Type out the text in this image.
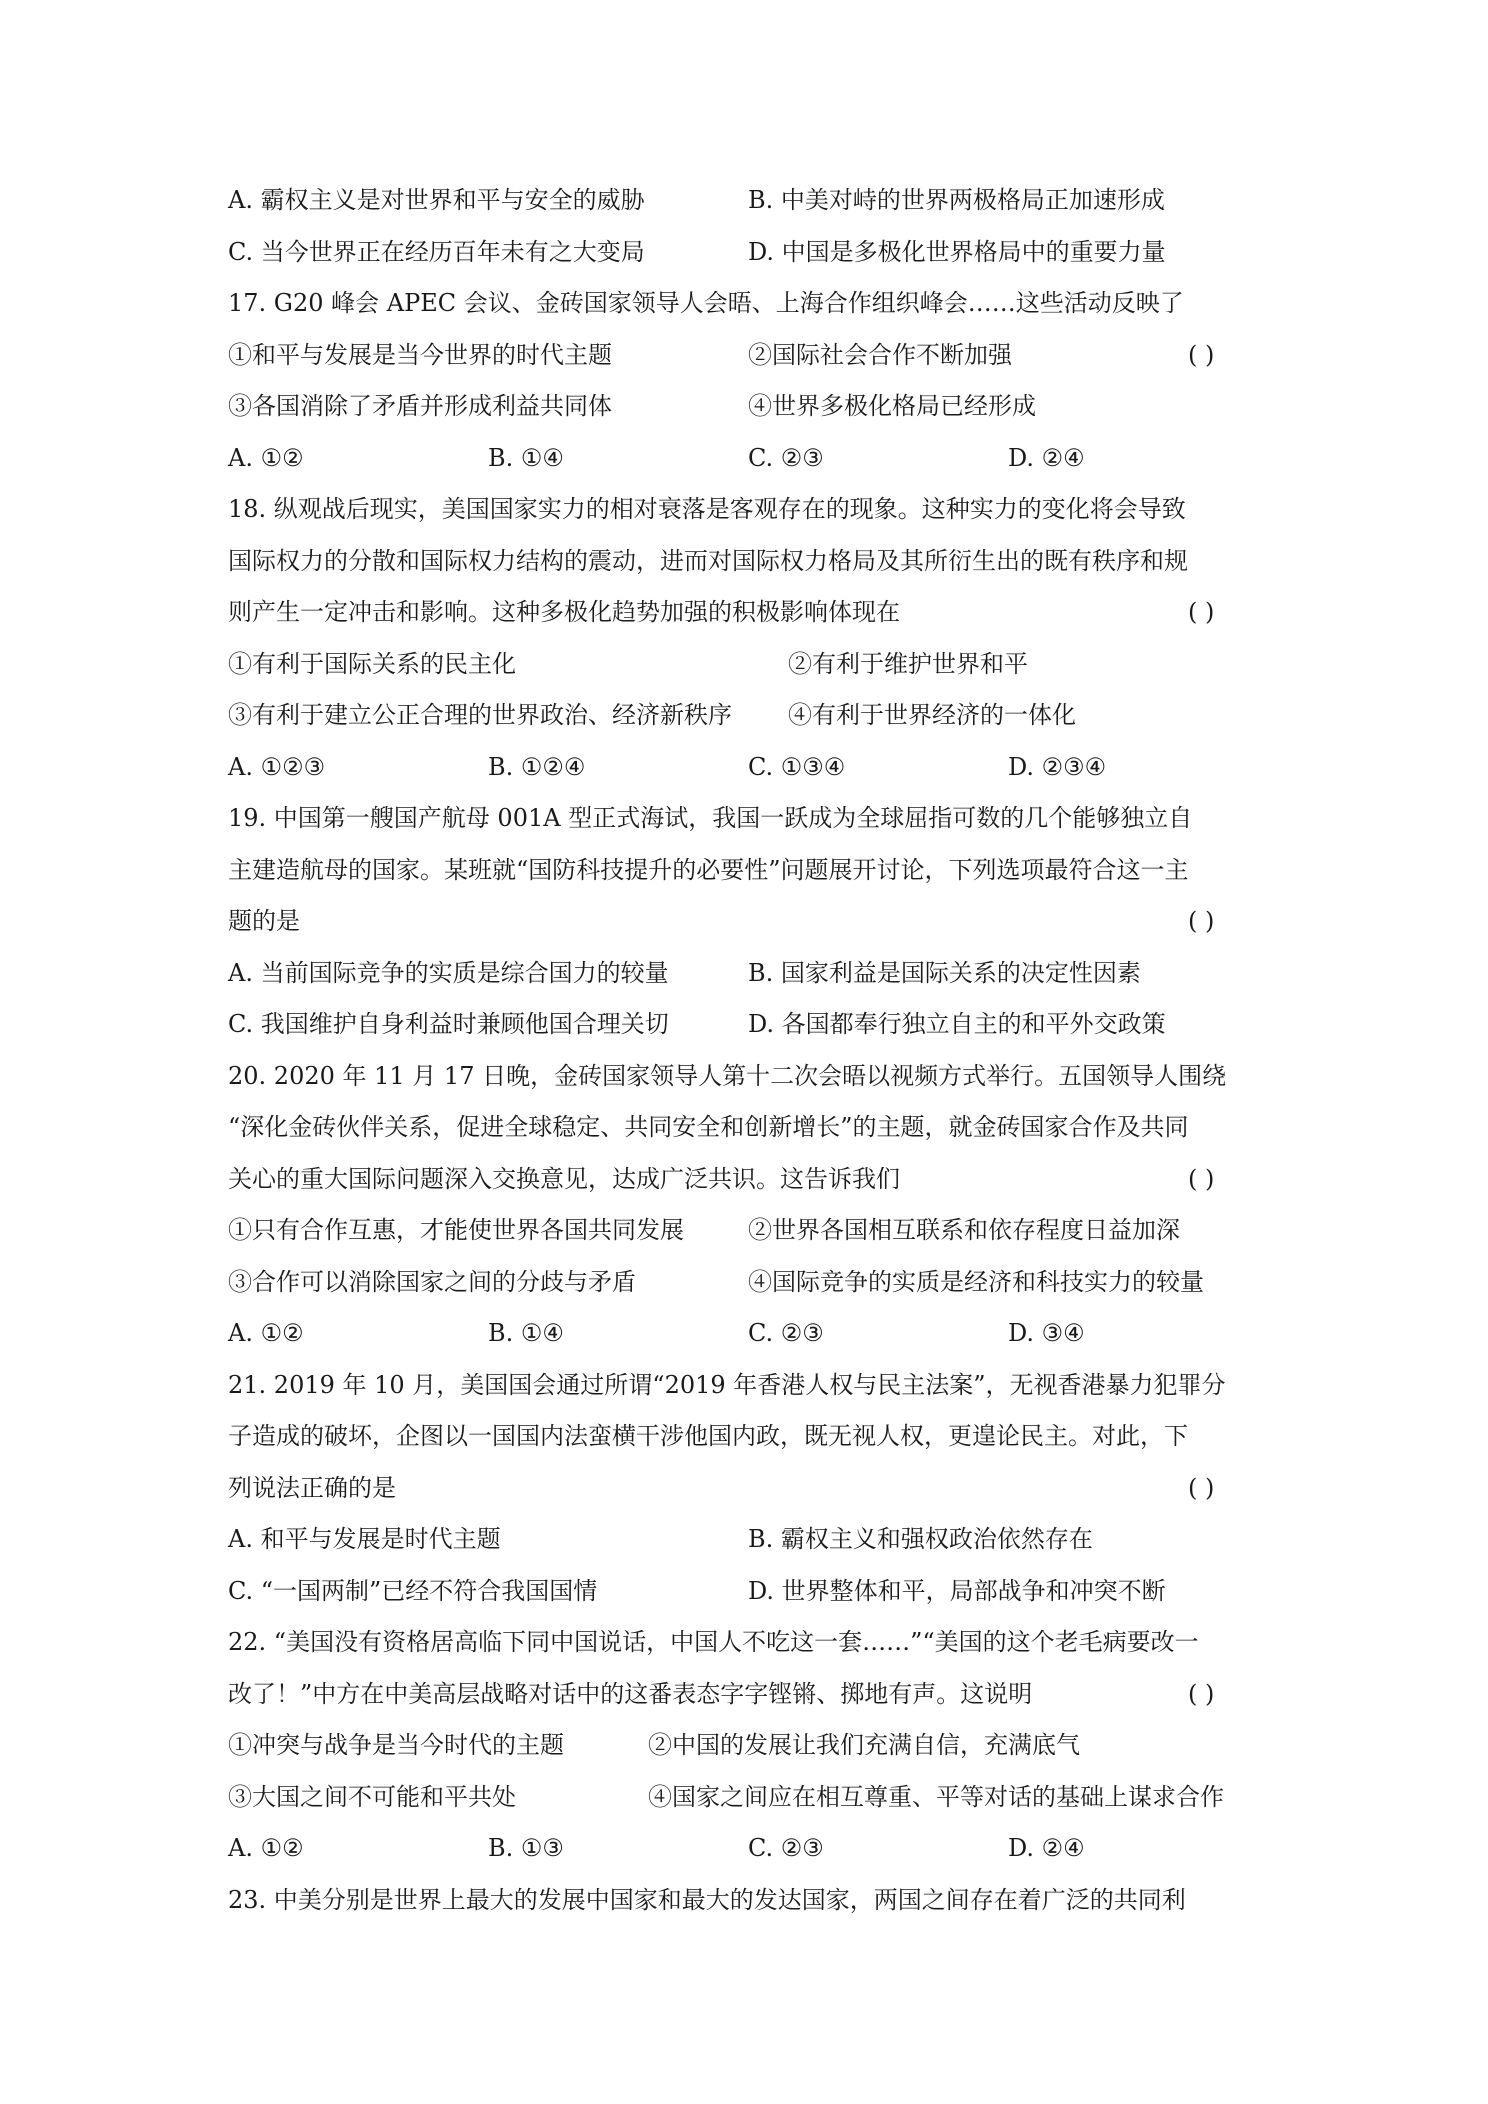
A. 霸权主义是对世界和平与安全的威胁	B. 中美对峙的世界两极格局正加速形成
C. 当今世界正在经历百年未有之大变局	D. 中国是多极化世界格局中的重要力量
17. G20 峰会 APEC 会议、金砖国家领导人会晤、上海合作组织峰会……这些活动反映了
①和平与发展是当今世界的时代主题	②国际社会合作不断加强	( )
③各国消除了矛盾并形成利益共同体	④世界多极化格局已经形成
A. ①②	B. ①④	C. ②③	D. ②④
18. 纵观战后现实，美国国家实力的相对衰落是客观存在的现象。这种实力的变化将会导致
国际权力的分散和国际权力结构的震动，进而对国际权力格局及其所衍生出的既有秩序和规
则产生一定冲击和影响。这种多极化趋势加强的积极影响体现在	( )
①有利于国际关系的民主化	②有利于维护世界和平
③有利于建立公正合理的世界政治、经济新秩序	④有利于世界经济的一体化
A. ①②③	B. ①②④	C. ①③④	D. ②③④
19. 中国第一艘国产航母 001A 型正式海试，我国一跃成为全球屈指可数的几个能够独立自
主建造航母的国家。某班就“国防科技提升的必要性”问题展开讨论，下列选项最符合这一主
题的是	( )
A. 当前国际竞争的实质是综合国力的较量	B. 国家利益是国际关系的决定性因素
C. 我国维护自身利益时兼顾他国合理关切	D. 各国都奉行独立自主的和平外交政策
20. 2020 年 11 月 17 日晚，金砖国家领导人第十二次会晤以视频方式举行。五国领导人围绕
“深化金砖伙伴关系，促进全球稳定、共同安全和创新增长”的主题，就金砖国家合作及共同
关心的重大国际问题深入交换意见，达成广泛共识。这告诉我们	( )
①只有合作互惠，才能使世界各国共同发展	②世界各国相互联系和依存程度日益加深
③合作可以消除国家之间的分歧与矛盾	④国际竞争的实质是经济和科技实力的较量
A. ①②	B. ①④	C. ②③	D. ③④
21. 2019 年 10 月，美国国会通过所谓“2019 年香港人权与民主法案”，无视香港暴力犯罪分
子造成的破坏，企图以一国国内法蛮横干涉他国内政，既无视人权，更遑论民主。对此，下
列说法正确的是	( )
A. 和平与发展是时代主题	B. 霸权主义和强权政治依然存在
C. “一国两制”已经不符合我国国情	D. 世界整体和平，局部战争和冲突不断
22. “美国没有资格居高临下同中国说话，中国人不吃这一套……”“美国的这个老毛病要改一
改了！”中方在中美高层战略对话中的这番表态字字铿锵、掷地有声。这说明	( )
①冲突与战争是当今时代的主题	②中国的发展让我们充满自信，充满底气
③大国之间不可能和平共处	④国家之间应在相互尊重、平等对话的基础上谋求合作
A. ①②	B. ①③	C. ②③	D. ②④
23. 中美分别是世界上最大的发展中国家和最大的发达国家，两国之间存在着广泛的共同利
